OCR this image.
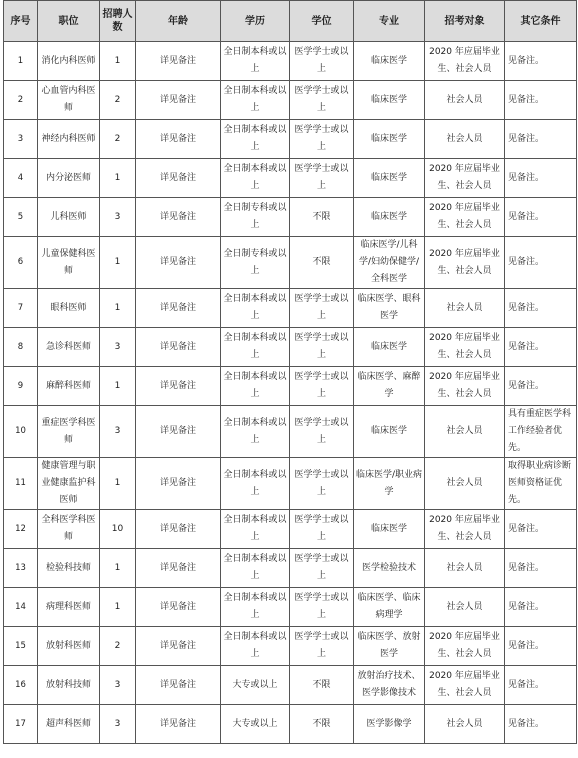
序号	职位	招聘人数	年龄	学历	学位	专业	招考对象	其它条件

1	消化内科医师	1	详见备注	全日制本科或以上	医学学士或以上	临床医学	2020 年应届毕业生、社会人员	见备注。

2	心血管内科医师	2	详见备注	全日制本科或以上	医学学士或以上	临床医学	社会人员	见备注。

3	神经内科医师	2	详见备注	全日制本科或以上	医学学士或以上	临床医学	社会人员	见备注。

4	内分泌医师	1	详见备注	全日制本科或以上	医学学士或以上	临床医学	2020 年应届毕业生、社会人员	见备注。

5	儿科医师	3	详见备注	全日制专科或以上	不限	临床医学	2020 年应届毕业生、社会人员	见备注。

6	儿童保健科医师	1	详见备注	全日制专科或以上	不限	临床医学/儿科学/妇幼保健学/全科医学	2020 年应届毕业生、社会人员	见备注。

7	眼科医师	1	详见备注	全日制本科或以上	医学学士或以上	临床医学、眼科医学	社会人员	见备注。

8	急诊科医师	3	详见备注	全日制本科或以上	医学学士或以上	临床医学	2020 年应届毕业生、社会人员	见备注。

9	麻醉科医师	1	详见备注	全日制本科或以上	医学学士或以上	临床医学、麻醉学	2020 年应届毕业生、社会人员	见备注。

10	重症医学科医师	3	详见备注	全日制本科或以上	医学学士或以上	临床医学	社会人员	具有重症医学科工作经验者优先。

11	健康管理与职业健康监护科医师	1	详见备注	全日制本科或以上	医学学士或以上	临床医学/职业病学	社会人员	取得职业病诊断医师资格证优先。

12	全科医学科医师	10	详见备注	全日制本科或以上	医学学士或以上	临床医学	2020 年应届毕业生、社会人员	见备注。

13	检验科技师	1	详见备注	全日制本科或以上	医学学士或以上	医学检验技术	社会人员	见备注。

14	病理科医师	1	详见备注	全日制本科或以上	医学学士或以上	临床医学、临床病理学	社会人员	见备注。

15	放射科医师	2	详见备注	全日制本科或以上	医学学士或以上	临床医学、放射医学	2020 年应届毕业生、社会人员	见备注。

16	放射科技师	3	详见备注	大专或以上	不限	放射治疗技术、医学影像技术	2020 年应届毕业生、社会人员	见备注。

17	超声科医师	3	详见备注	大专或以上	不限	医学影像学	社会人员	见备注。
